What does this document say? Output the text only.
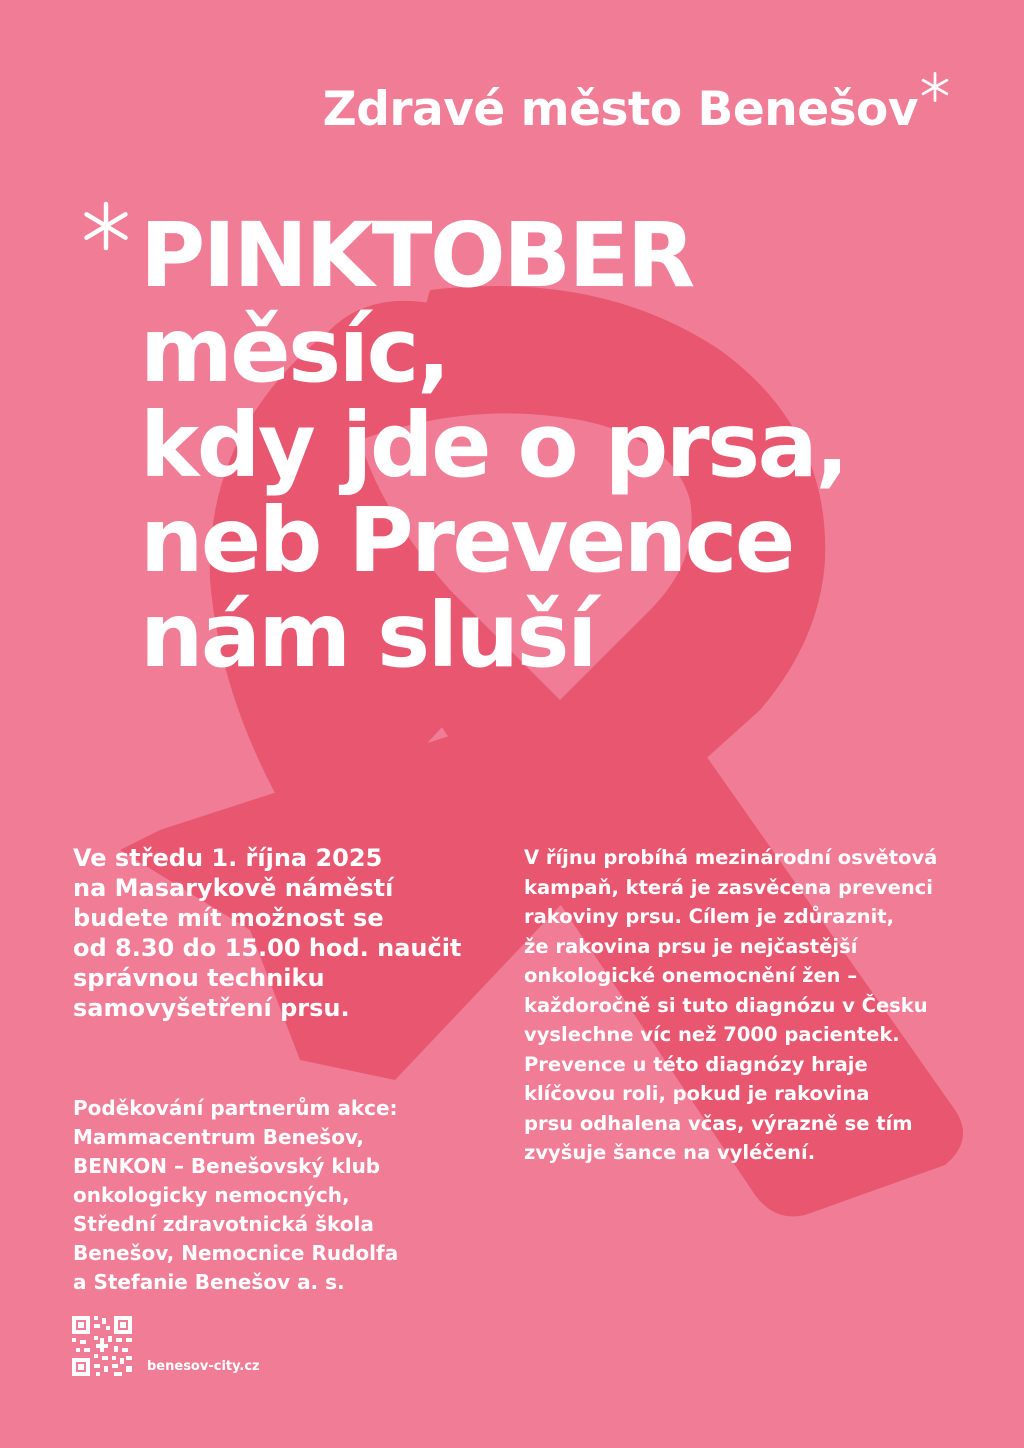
Zdravé město Benešov
PINKTOBER
měsíc,
kdy jde o prsa,
neb Prevence
nám sluší
Ve středu 1. října 2025
na Masarykově náměstí
budete mít možnost se
od 8.30 do 15.00 hod. naučit
správnou techniku
samovyšetření prsu.
Poděkování partnerům akce:
Mammacentrum Benešov,
BENKON – Benešovský klub
onkologicky nemocných,
Střední zdravotnická škola
Benešov, Nemocnice Rudolfa
a Stefanie Benešov a. s.
V říjnu probíhá mezinárodní osvětová
kampaň, která je zasvěcena prevenci
rakoviny prsu. Cílem je zdůraznit,
že rakovina prsu je nejčastější
onkologické onemocnění žen –
každoročně si tuto diagnózu v Česku
vyslechne víc než 7000 pacientek.
Prevence u této diagnózy hraje
klíčovou roli, pokud je rakovina
prsu odhalena včas, výrazně se tím
zvyšuje šance na vyléčení.
benesov-city.cz
